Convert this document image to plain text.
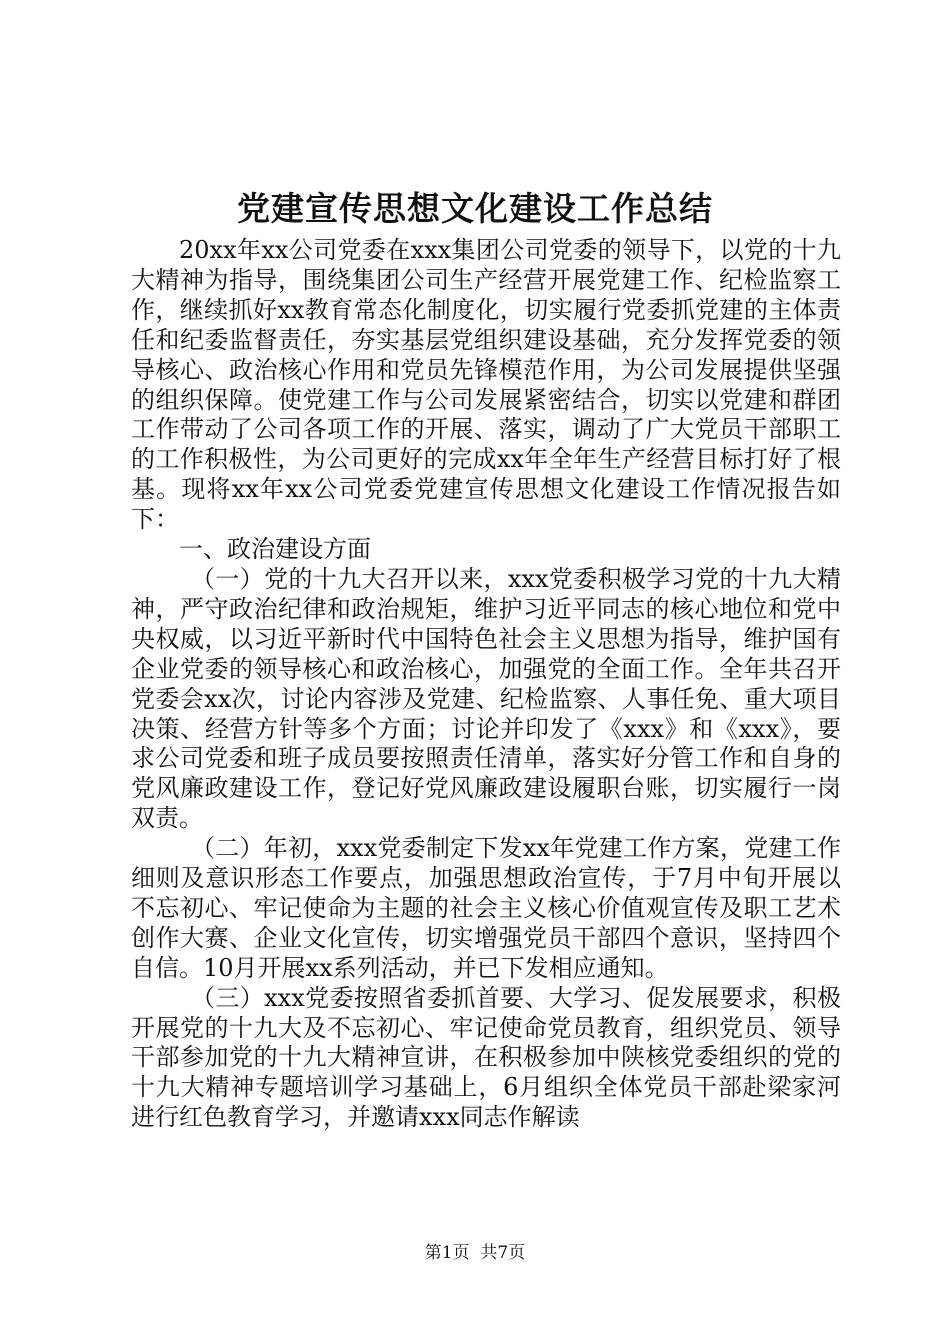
党建宣传思想文化建设工作总结

20xx年xx公司党委在xxx集团公司党委的领导下，以党的十九大精神为指导，围绕集团公司生产经营开展党建工作、纪检监察工作，继续抓好xx教育常态化制度化，切实履行党委抓党建的主体责任和纪委监督责任，夯实基层党组织建设基础，充分发挥党委的领导核心、政治核心作用和党员先锋模范作用，为公司发展提供坚强的组织保障。使党建工作与公司发展紧密结合，切实以党建和群团工作带动了公司各项工作的开展、落实，调动了广大党员干部职工的工作积极性，为公司更好的完成xx年全年生产经营目标打好了根基。现将xx年xx公司党委党建宣传思想文化建设工作情况报告如下：

一、政治建设方面

（一）党的十九大召开以来，xxx党委积极学习党的十九大精神，严守政治纪律和政治规矩，维护习近平同志的核心地位和党中央权威，以习近平新时代中国特色社会主义思想为指导，维护国有企业党委的领导核心和政治核心，加强党的全面工作。全年共召开党委会xx次，讨论内容涉及党建、纪检监察、人事任免、重大项目决策、经营方针等多个方面；讨论并印发了《xxx》和《xxx》，要求公司党委和班子成员要按照责任清单，落实好分管工作和自身的党风廉政建设工作，登记好党风廉政建设履职台账，切实履行一岗双责。

（二）年初，xxx党委制定下发xx年党建工作方案，党建工作细则及意识形态工作要点，加强思想政治宣传，于7月中旬开展以不忘初心、牢记使命为主题的社会主义核心价值观宣传及职工艺术创作大赛、企业文化宣传，切实增强党员干部四个意识，坚持四个自信。10月开展xx系列活动，并已下发相应通知。

（三）xxx党委按照省委抓首要、大学习、促发展要求，积极开展党的十九大及不忘初心、牢记使命党员教育，组织党员、领导干部参加党的十九大精神宣讲，在积极参加中陕核党委组织的党的十九大精神专题培训学习基础上，6月组织全体党员干部赴梁家河进行红色教育学习，并邀请xxx同志作解读

第1页 共7页
